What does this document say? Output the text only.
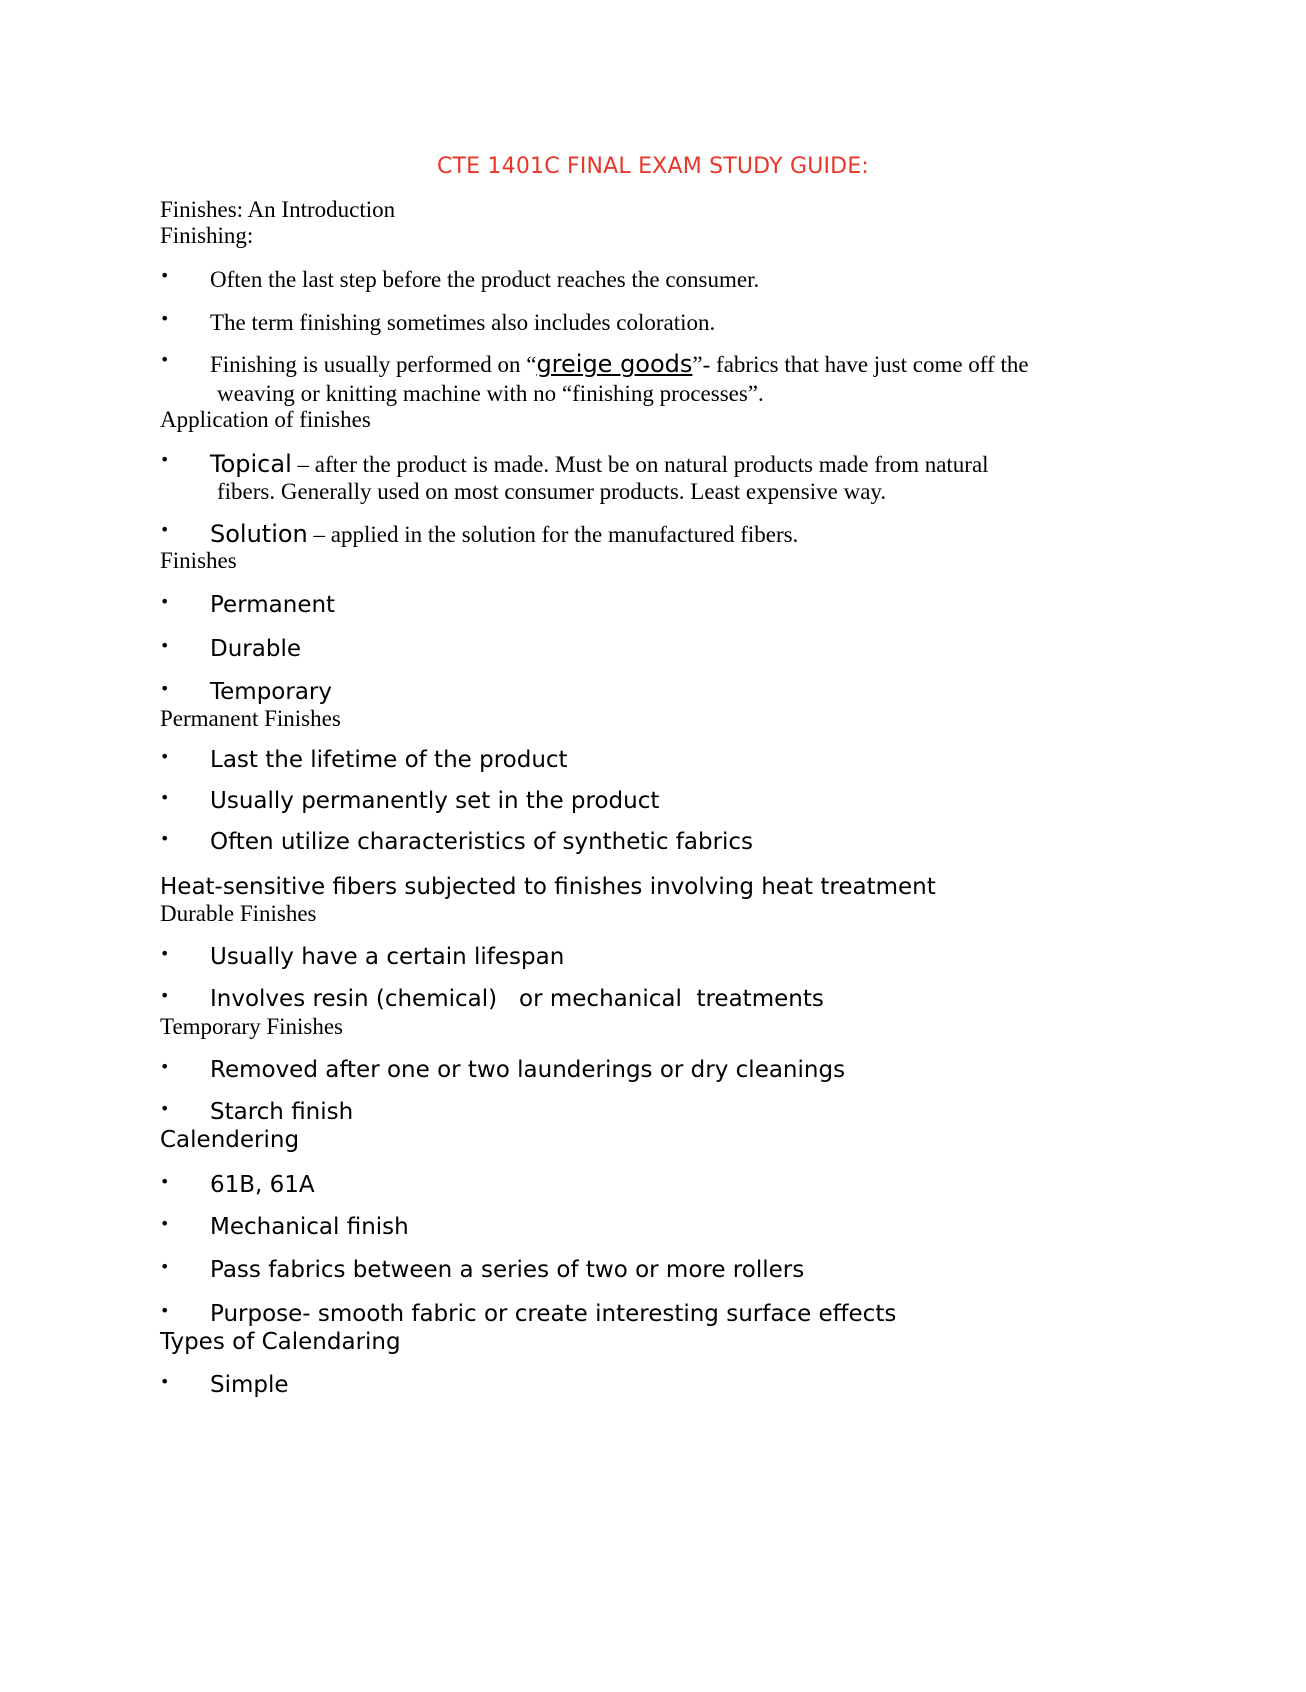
CTE 1401C FINAL EXAM STUDY GUIDE:
Finishes: An Introduction
Finishing:
• Often the last step before the product reaches the consumer.
• The term finishing sometimes also includes coloration.
• Finishing is usually performed on “greige goods”- fabrics that have just come off the
weaving or knitting machine with no “finishing processes”.
Application of finishes
• Topical – after the product is made. Must be on natural products made from natural
fibers. Generally used on most consumer products. Least expensive way.
• Solution – applied in the solution for the manufactured fibers.
Finishes
• Permanent
• Durable
• Temporary
Permanent Finishes
• Last the lifetime of the product
• Usually permanently set in the product
• Often utilize characteristics of synthetic fabrics
Heat-sensitive fibers subjected to finishes involving heat treatment
Durable Finishes
• Usually have a certain lifespan
• Involves resin (chemical)   or mechanical  treatments
Temporary Finishes
• Removed after one or two launderings or dry cleanings
• Starch finish
Calendering
• 61B, 61A
• Mechanical finish
• Pass fabrics between a series of two or more rollers
• Purpose- smooth fabric or create interesting surface effects
Types of Calendaring
• Simple
